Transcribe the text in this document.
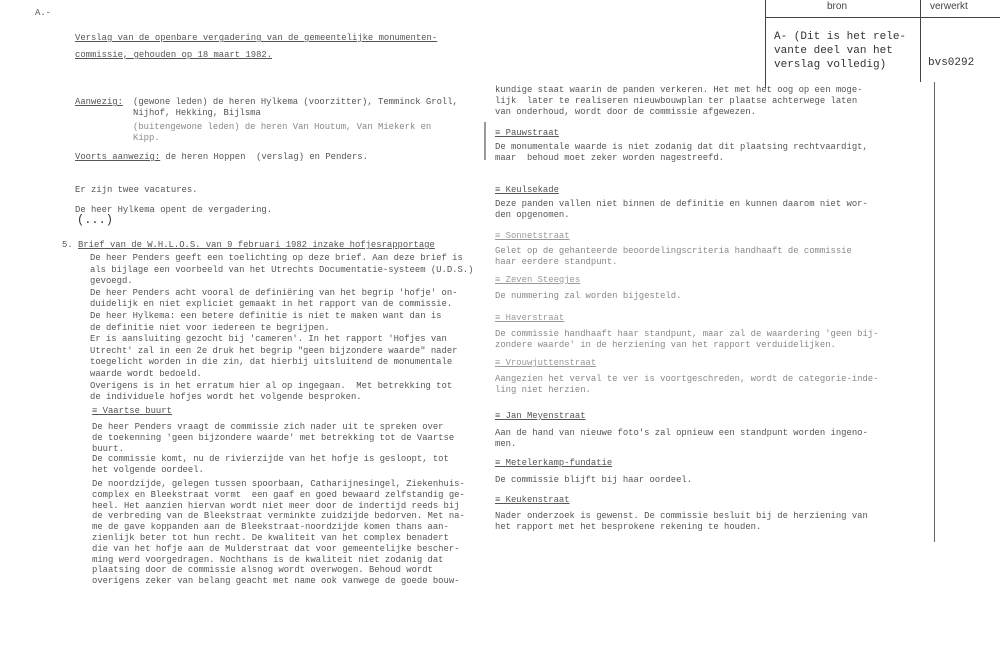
bron	verwerkt
A- (Dit is het rele-
vante deel van het
verslag volledig)	bvs0292
A.-
Verslag van de openbare vergadering van de gemeentelijke monumenten-
commissie, gehouden op 18 maart 1982.
Aanwezig: (gewone leden) de heren Hylkema (voorzitter), Temminck Groll,
Nijhof, Hekking, Bijlsma
(buitengewone leden) de heren Van Houtum, Van Miekerk en
Kipp.
Voorts aanwezig: de heren Hoppen  (verslag) en Penders.
Er zijn twee vacatures.
De heer Hylkema opent de vergadering.
(...)
5. Brief van de W.H.L.O.S. van 9 februari 1982 inzake hofjesrapportage
De heer Penders geeft een toelichting op deze brief. Aan deze brief is
als bijlage een voorbeeld van het Utrechts Documentatie-systeem (U.D.S.)
gevoegd.
De heer Penders acht vooral de definiëring van het begrip 'hofje' on-
duidelijk en niet expliciet gemaakt in het rapport van de commissie.
De heer Hylkema: een betere definitie is niet te maken want dan is
de definitie niet voor iedereen te begrijpen.
Er is aansluiting gezocht bij 'cameren'. In het rapport 'Hofjes van
Utrecht' zal in een 2e druk het begrip "geen bijzondere waarde" nader
toegelicht worden in die zin, dat hierbij uitsluitend de monumentale
waarde wordt bedoeld.
Overigens is in het erratum hier al op ingegaan.  Met betrekking tot
de individuele hofjes wordt het volgende besproken.
≡ Vaartse buurt
De heer Penders vraagt de commissie zich nader uit te spreken over
de toekenning 'geen bijzondere waarde' met betrekking tot de Vaartse
buurt.
De commissie komt, nu de rivierzijde van het hofje is gesloopt, tot
het volgende oordeel.
De noordzijde, gelegen tussen spoorbaan, Catharijnesingel, Ziekenhuis-
complex en Bleekstraat vormt  een gaaf en goed bewaard zelfstandig ge-
heel. Het aanzien hiervan wordt niet meer door de indertijd reeds bij
de verbreding van de Bleekstraat verminkte zuidzijde bedorven. Met na-
me de gave koppanden aan de Bleekstraat-noordzijde komen thans aan-
zienlijk beter tot hun recht. De kwaliteit van het complex benadert
die van het hofje aan de Mulderstraat dat voor gemeentelijke bescher-
ming werd voorgedragen. Nochthans is de kwaliteit niet zodanig dat
plaatsing door de commissie alsnog wordt overwogen. Behoud wordt
overigens zeker van belang geacht met name ook vanwege de goede bouw-
kundige staat waarin de panden verkeren. Het met het oog op een moge-
lijk  later te realiseren nieuwbouwplan ter plaatse achterwege laten
van onderhoud, wordt door de commissie afgewezen.
≡ Pauwstraat
De monumentale waarde is niet zodanig dat dit plaatsing rechtvaardigt,
maar  behoud moet zeker worden nagestreefd.
≡ Keulsekade
Deze panden vallen niet binnen de definitie en kunnen daarom niet wor-
den opgenomen.
≡ Sonnetstraat
Gelet op de gehanteerde beoordelingscriteria handhaaft de commissie
haar eerdere standpunt.
≡ Zeven Steegjes
De nummering zal worden bijgesteld.
≡ Haverstraat
De commissie handhaaft haar standpunt, maar zal de waardering 'geen bij-
zondere waarde' in de herziening van het rapport verduidelijken.
≡ Vrouwjuttenstraat
Aangezien het verval te ver is voortgeschreden, wordt de categorie-inde-
ling niet herzien.
≡ Jan Meyenstraat
Aan de hand van nieuwe foto's zal opnieuw een standpunt worden ingeno-
men.
≡ Metelerkamp-fundatie
De commissie blijft bij haar oordeel.
≡ Keukenstraat
Nader onderzoek is gewenst. De commissie besluit bij de herziening van
het rapport met het besprokene rekening te houden.
